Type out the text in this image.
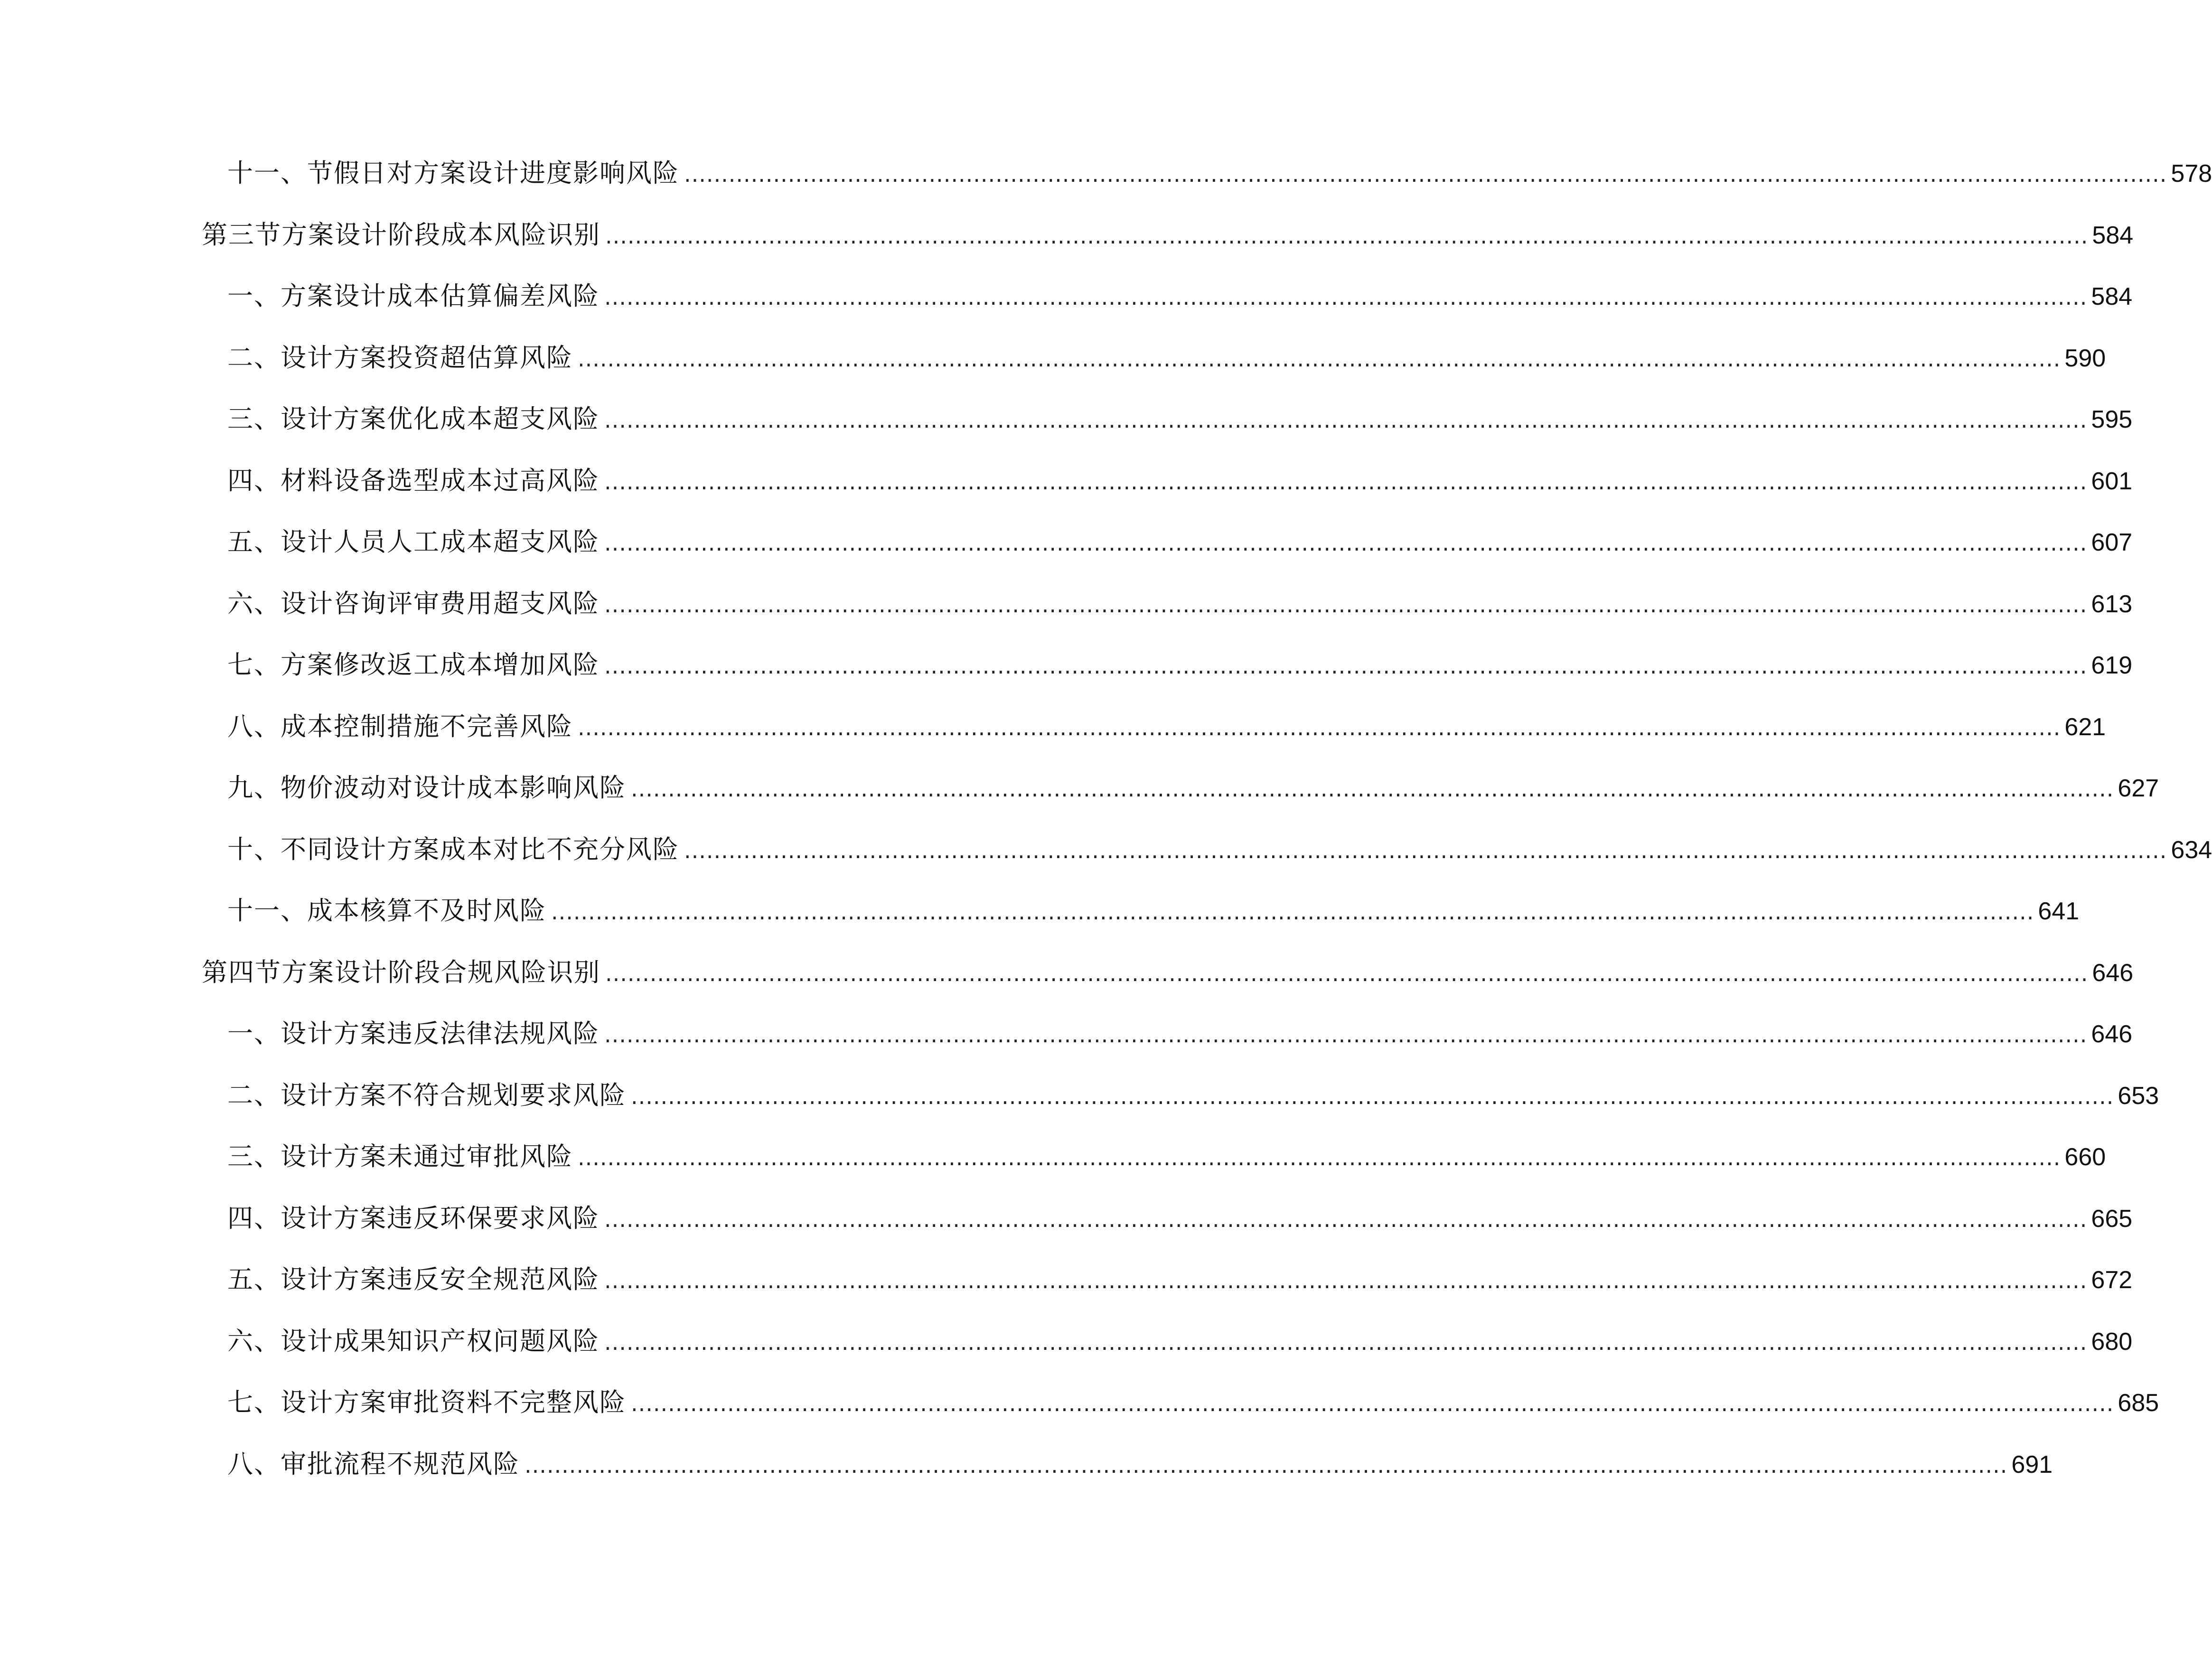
十一、节假日对方案设计进度影响风险 ........................................................................................................................................................................................................ 578
第三节方案设计阶段成本风险识别 ........................................................................................................................................................................................................ 584
一、方案设计成本估算偏差风险 ........................................................................................................................................................................................................ 584
二、设计方案投资超估算风险 ........................................................................................................................................................................................................ 590
三、设计方案优化成本超支风险 ........................................................................................................................................................................................................ 595
四、材料设备选型成本过高风险 ........................................................................................................................................................................................................ 601
五、设计人员人工成本超支风险 ........................................................................................................................................................................................................ 607
六、设计咨询评审费用超支风险 ........................................................................................................................................................................................................ 613
七、方案修改返工成本增加风险 ........................................................................................................................................................................................................ 619
八、成本控制措施不完善风险 ........................................................................................................................................................................................................ 621
九、物价波动对设计成本影响风险 ........................................................................................................................................................................................................ 627
十、不同设计方案成本对比不充分风险 ........................................................................................................................................................................................................ 634
十一、成本核算不及时风险 ........................................................................................................................................................................................................ 641
第四节方案设计阶段合规风险识别 ........................................................................................................................................................................................................ 646
一、设计方案违反法律法规风险 ........................................................................................................................................................................................................ 646
二、设计方案不符合规划要求风险 ........................................................................................................................................................................................................ 653
三、设计方案未通过审批风险 ........................................................................................................................................................................................................ 660
四、设计方案违反环保要求风险 ........................................................................................................................................................................................................ 665
五、设计方案违反安全规范风险 ........................................................................................................................................................................................................ 672
六、设计成果知识产权问题风险 ........................................................................................................................................................................................................ 680
七、设计方案审批资料不完整风险 ........................................................................................................................................................................................................ 685
八、审批流程不规范风险 ........................................................................................................................................................................................................ 691
